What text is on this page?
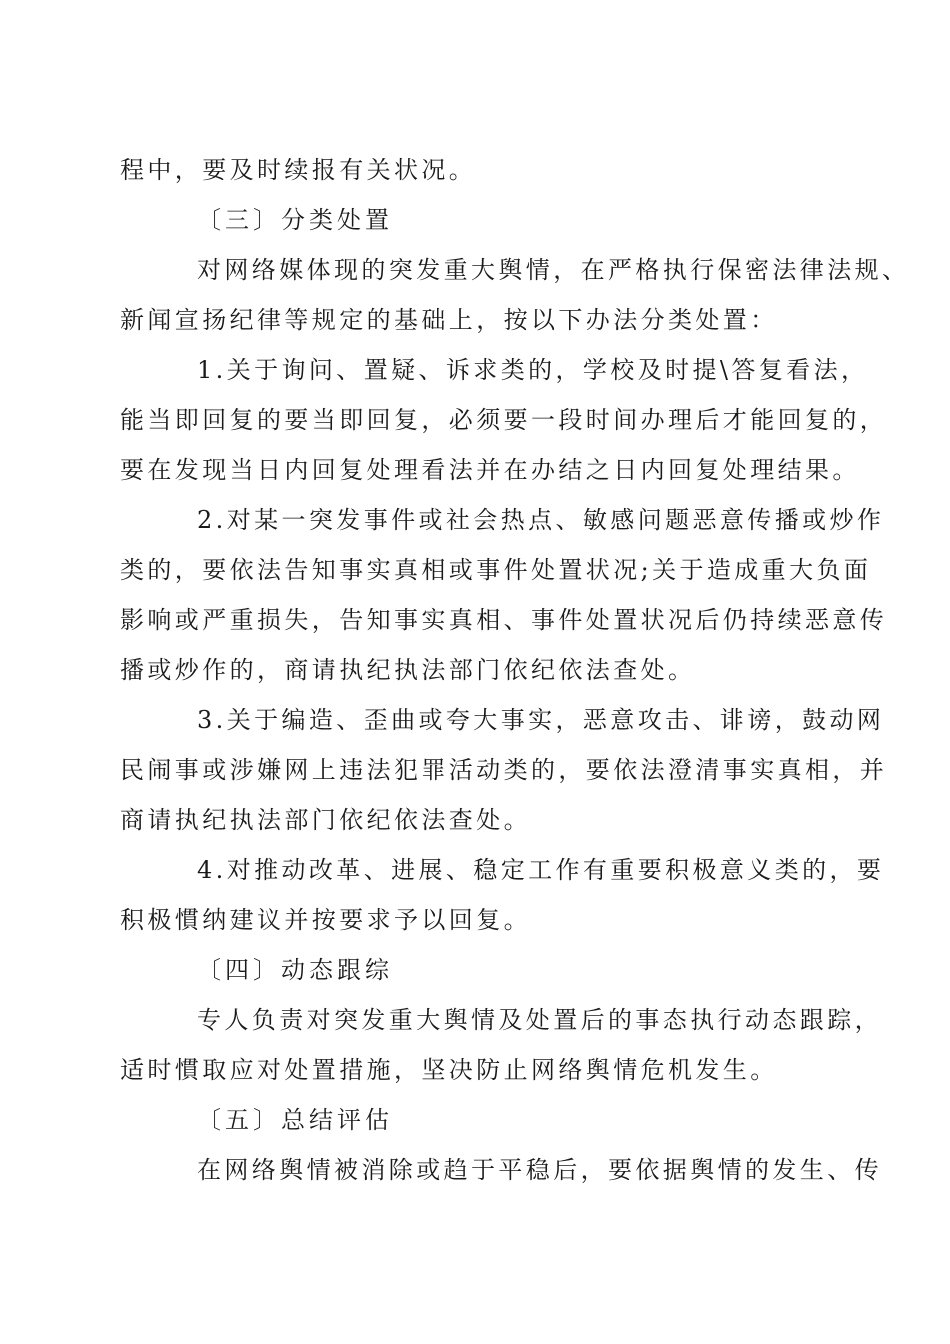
程中，要及时续报有关状况。

〔三〕分类处置

对网络媒体现的突发重大舆情，在严格执行保密法律法规、

新闻宣扬纪律等规定的基础上，按以下办法分类处置：

1.关于询问、置疑、诉求类的，学校及时提\答复看法，

能当即回复的要当即回复，必须要一段时间办理后才能回复的，

要在发现当日内回复处理看法并在办结之日内回复处理结果。

2.对某一突发事件或社会热点、敏感问题恶意传播或炒作

类的，要依法告知事实真相或事件处置状况;关于造成重大负面

影响或严重损失，告知事实真相、事件处置状况后仍持续恶意传

播或炒作的，商请执纪执法部门依纪依法查处。

3.关于编造、歪曲或夸大事实，恶意攻击、诽谤，鼓动网

民闹事或涉嫌网上违法犯罪活动类的，要依法澄清事实真相，并

商请执纪执法部门依纪依法查处。

4.对推动改革、进展、稳定工作有重要积极意义类的，要

积极慣纳建议并按要求予以回复。

〔四〕动态跟综

专人负责对突发重大舆情及处置后的事态执行动态跟踪，

适时慣取应对处置措施，坚决防止网络舆情危机发生。

〔五〕总结评估

在网络舆情被消除或趋于平稳后，要依据舆情的发生、传
